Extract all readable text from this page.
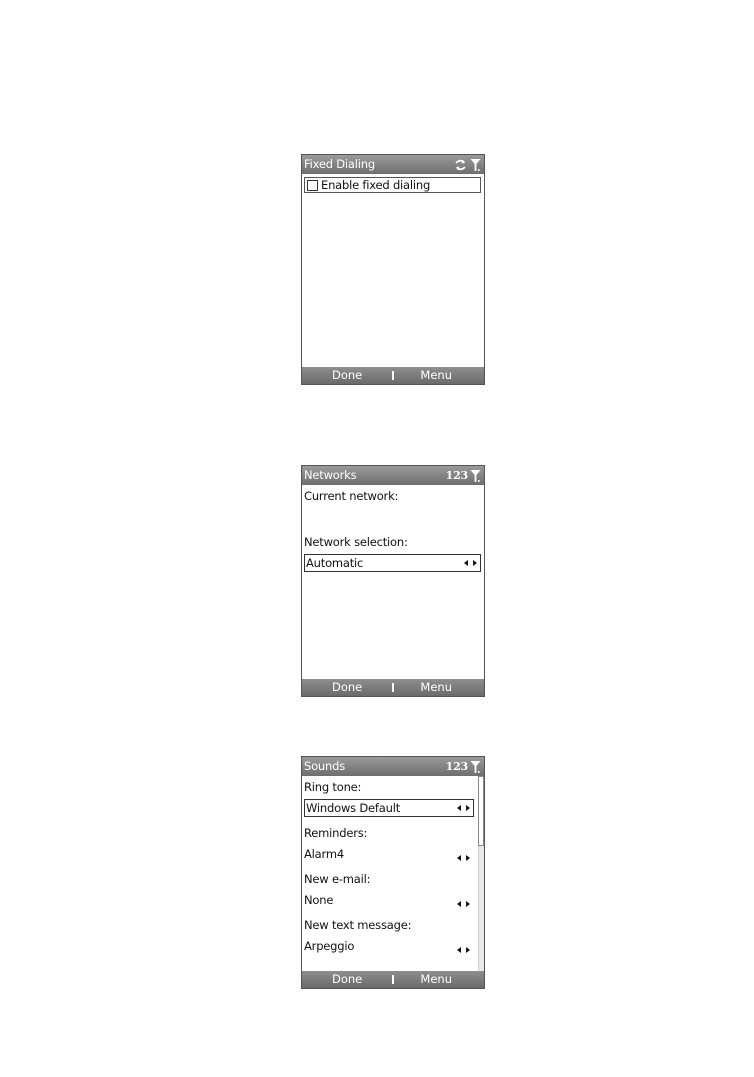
Fixed Dialing
Enable fixed dialing
Done	Menu
Networks	123
Current network:
Network selection:
Automatic
Done	Menu
Sounds	123
Ring tone:
Windows Default
Reminders:
Alarm4
New e-mail:
None
New text message:
Arpeggio
Done	Menu
